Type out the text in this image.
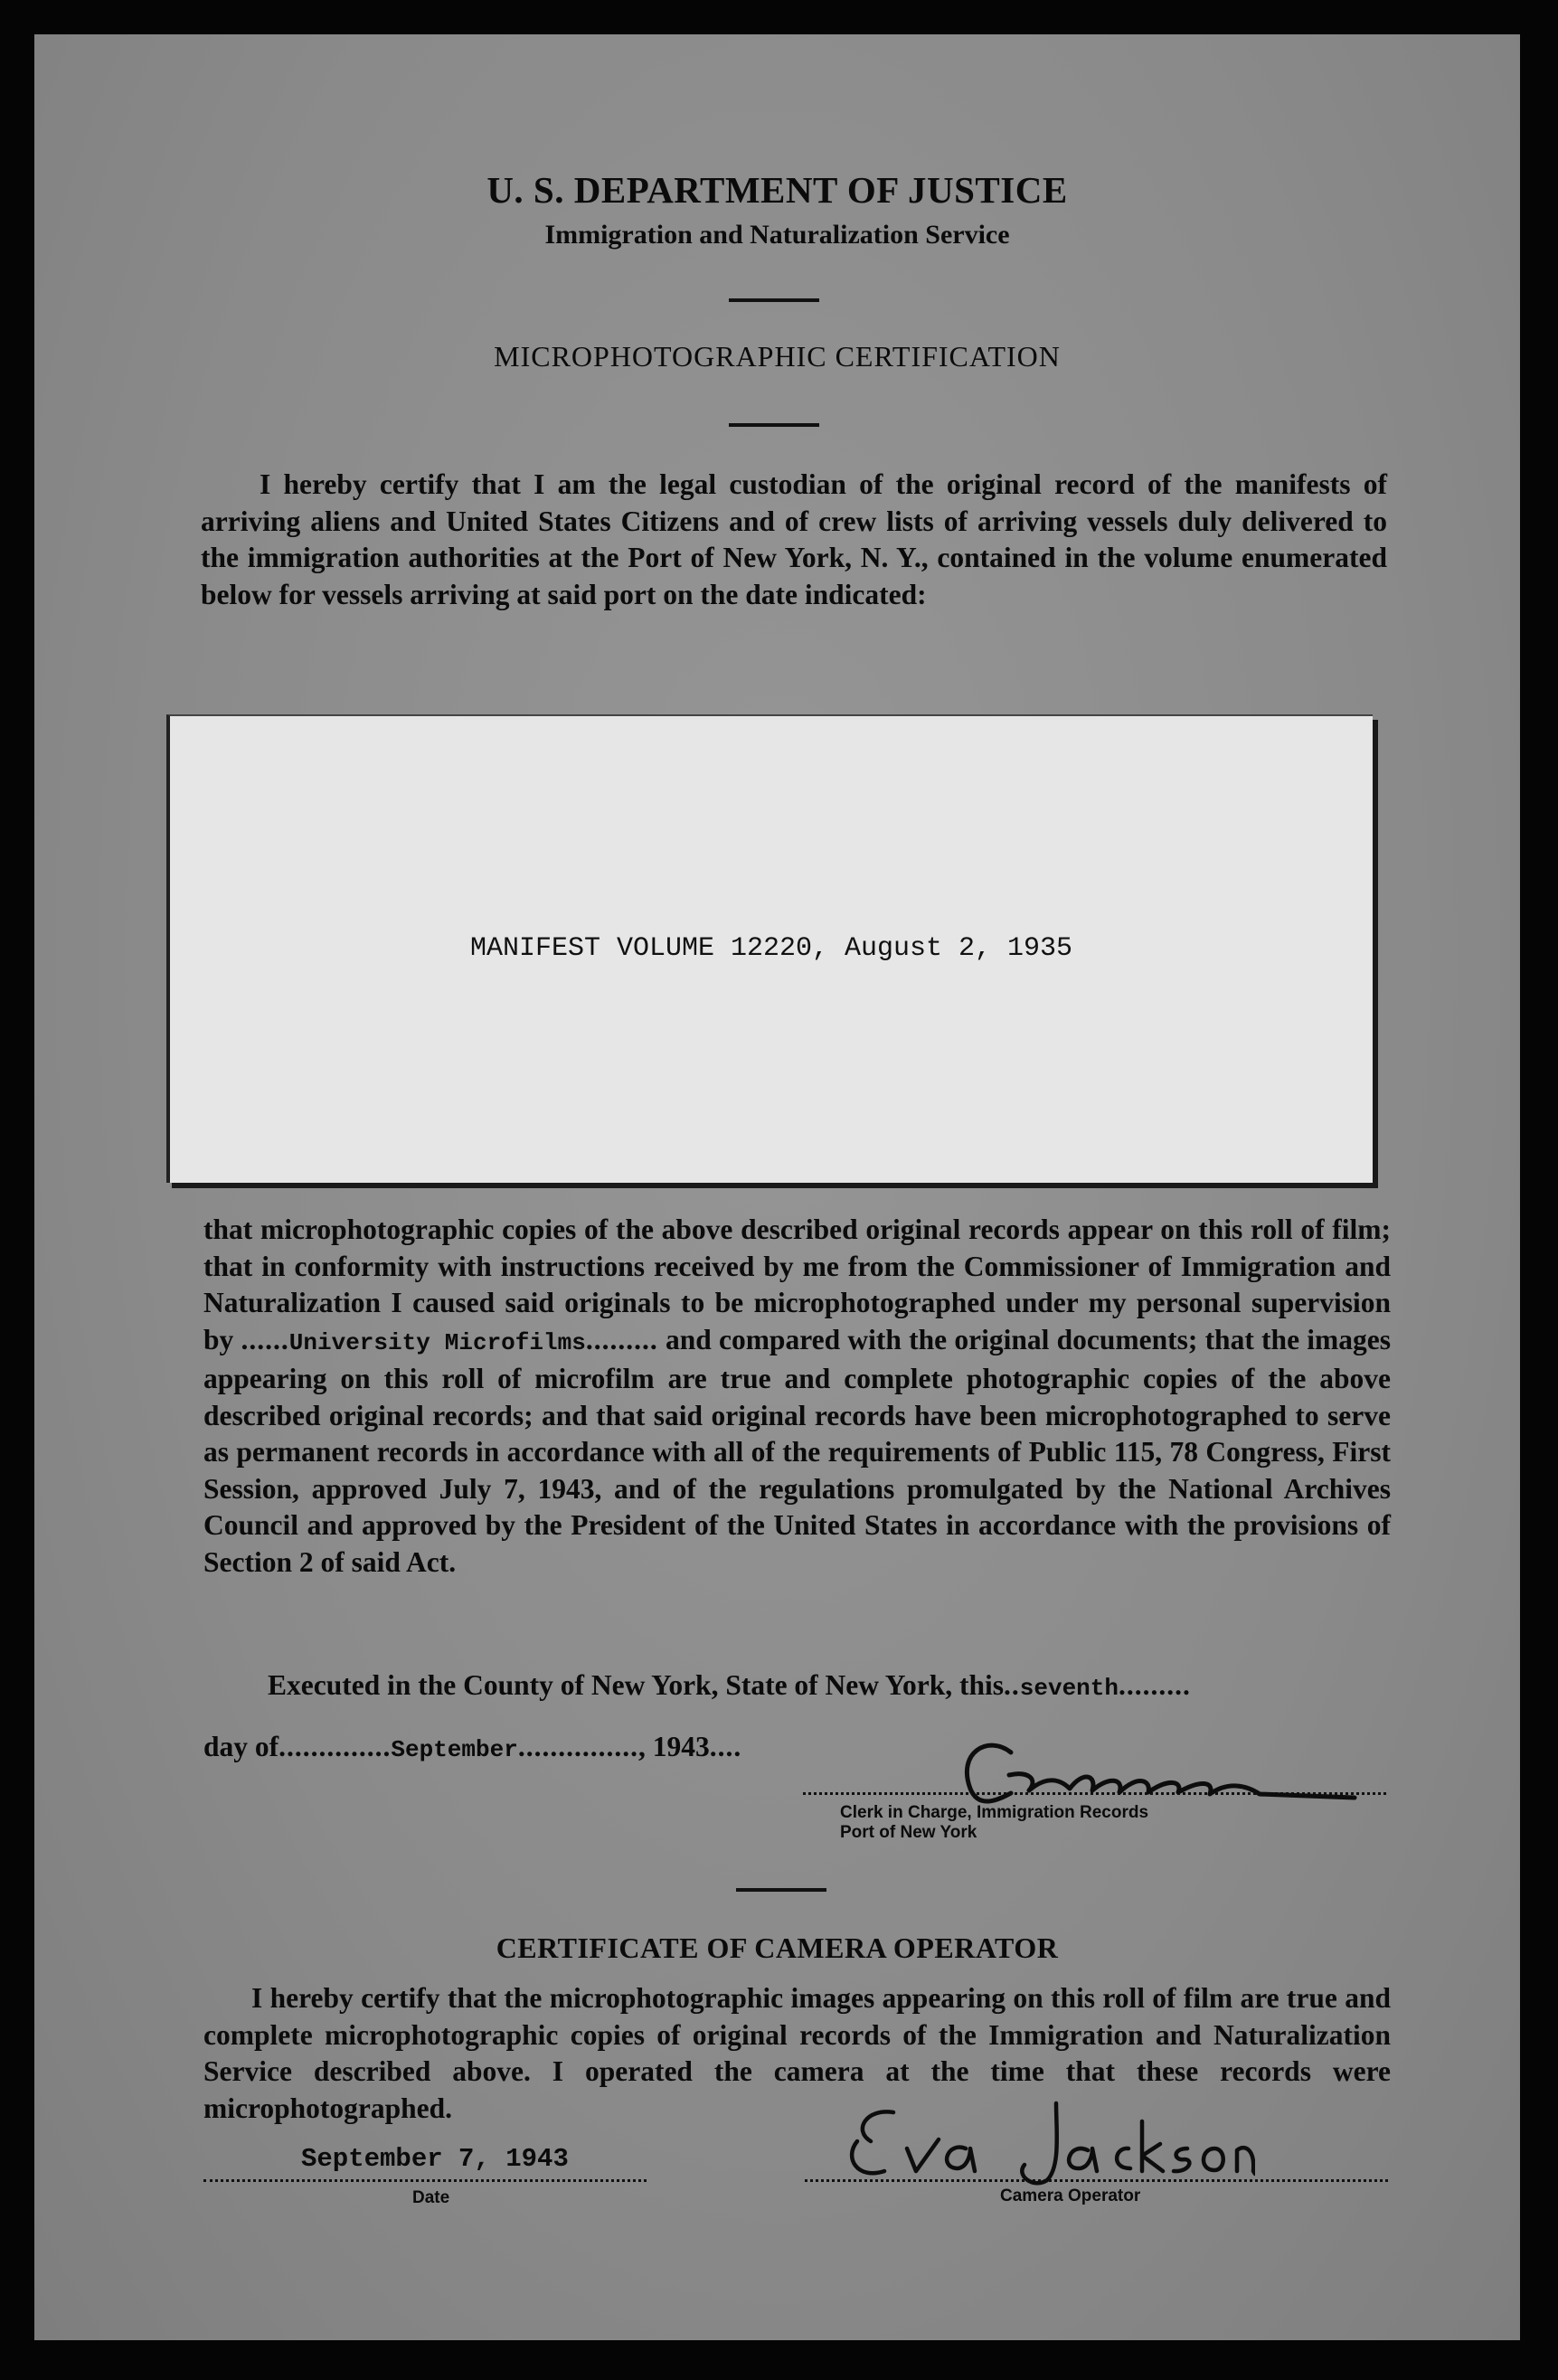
U. S. DEPARTMENT OF JUSTICE
Immigration and Naturalization Service
MICROPHOTOGRAPHIC CERTIFICATION
I hereby certify that I am the legal custodian of the original record of the manifests of arriving aliens and United States Citizens and of crew lists of arriving vessels duly delivered to the immigration authorities at the Port of New York, N. Y., contained in the volume enumerated below for vessels arriving at said port on the date indicated:
MANIFEST VOLUME 12220, August 2, 1935
that microphotographic copies of the above described original records appear on this roll of film; that in conformity with instructions received by me from the Commissioner of Immigration and Naturalization I caused said originals to be microphotographed under my personal supervision by ......University Microfilms......... and compared with the original documents; that the images appearing on this roll of microfilm are true and complete photographic copies of the above described original records; and that said original records have been microphotographed to serve as permanent records in accordance with all of the requirements of Public 115, 78 Congress, First Session, approved July 7, 1943, and of the regulations promulgated by the National Archives Council and approved by the President of the United States in accordance with the provisions of Section 2 of said Act.
Executed in the County of New York, State of New York, this..seventh.........
day of..............September..............., 1943....
Clerk in Charge, Immigration Records
Port of New York
CERTIFICATE OF CAMERA OPERATOR
I hereby certify that the microphotographic images appearing on this roll of film are true and complete microphotographic copies of original records of the Immigration and Naturalization Service described above. I operated the camera at the time that these records were microphotographed.
September 7, 1943
Date	Camera Operator
